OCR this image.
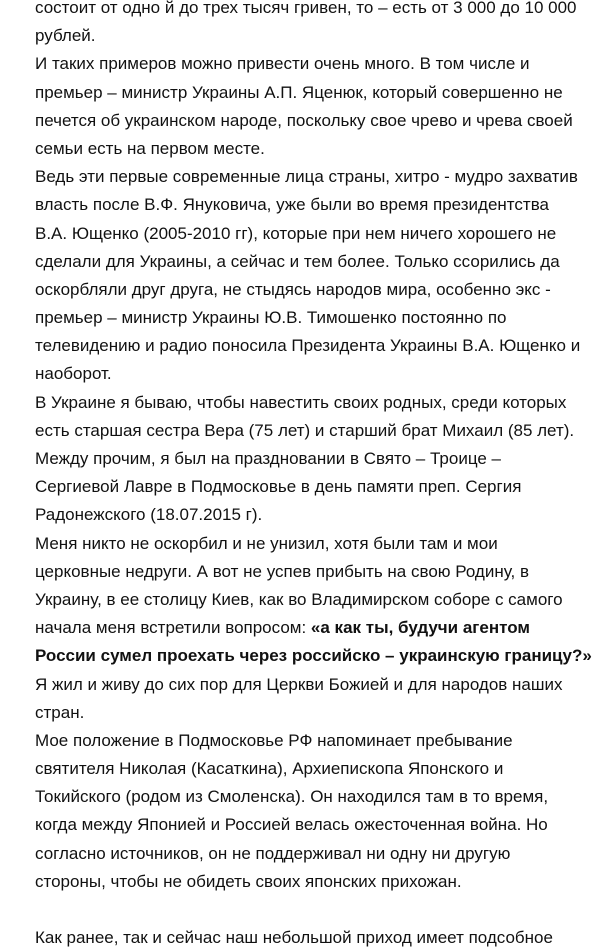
состоит от одно й до трех тысяч гривен, то – есть от 3 000 до 10 000
рублей.
И таких примеров можно привести очень много. В том числе и
премьер – министр Украины А.П. Яценюк, который совершенно не
печется об украинском народе, поскольку свое чрево и чрева своей
семьи есть на первом месте.
Ведь эти первые современные лица страны, хитро - мудро захватив
власть после В.Ф. Януковича, уже были во время президентства
В.А. Ющенко (2005-2010 гг), которые при нем ничего хорошего не
сделали для Украины, а сейчас и тем более. Только ссорились да
оскорбляли друг друга, не стыдясь народов мира, особенно экс -
премьер – министр Украины Ю.В. Тимошенко постоянно по
телевидению и радио поносила Президента Украины В.А. Ющенко и
наоборот.
В Украине я бываю, чтобы навестить своих родных, среди которых
есть старшая сестра Вера (75 лет) и старший брат Михаил (85 лет).
Между прочим, я был на праздновании в Свято – Троице –
Сергиевой Лавре в Подмосковье в день памяти преп. Сергия
Радонежского (18.07.2015 г).
Меня никто не оскорбил и не унизил, хотя были там и мои
церковные недруги. А вот не успев прибыть на свою Родину, в
Украину, в ее столицу Киев, как во Владимирском соборе с самого
начала меня встретили вопросом: «а как ты, будучи агентом
России сумел проехать через российско – украинскую границу?»
Я жил и живу до сих пор для Церкви Божией и для народов наших
стран.
Мое положение в Подмосковье РФ напоминает пребывание
святителя Николая (Касаткина), Архиепископа Японского и
Токийского (родом из Смоленска). Он находился там в то время,
когда между Японией и Россией велась ожесточенная война. Но
согласно источников, он не поддерживал ни одну ни другую
стороны, чтобы не обидеть своих японских прихожан.
Как ранее, так и сейчас наш небольшой приход имеет подсобное
